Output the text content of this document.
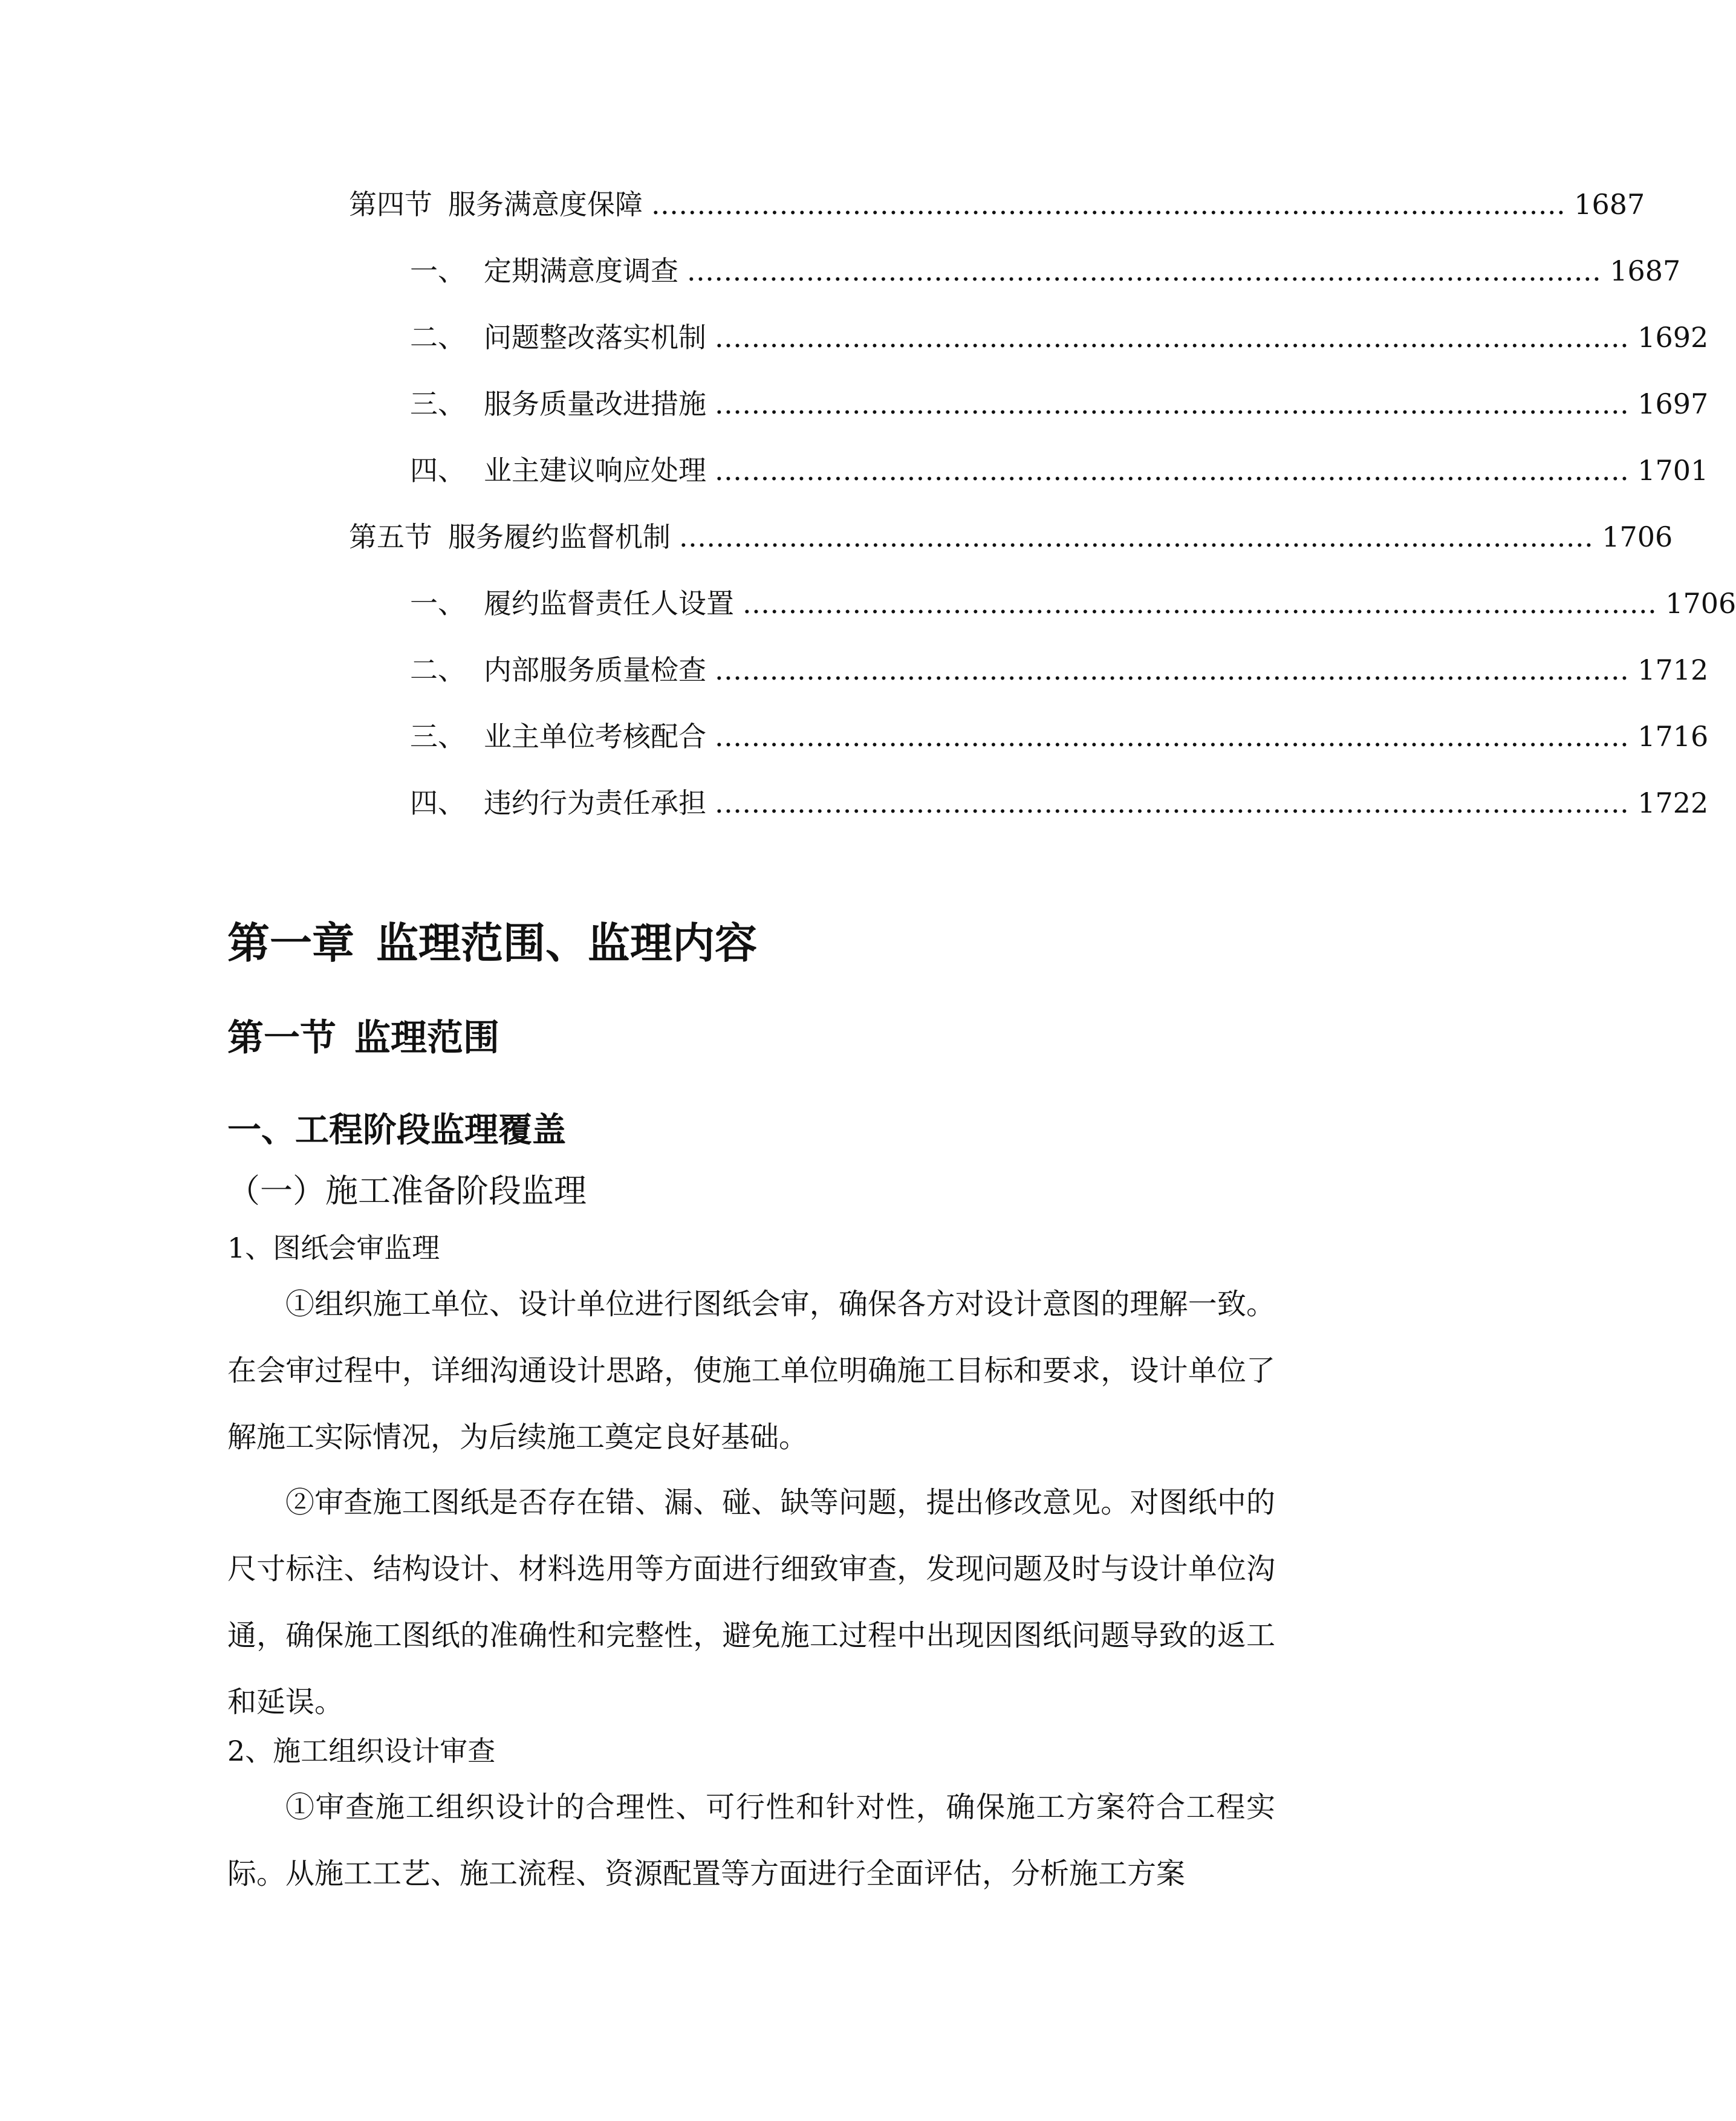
第四节 服务满意度保障 .................................................................................................... 1687
一、 定期满意度调查 .................................................................................................... 1687
二、 问题整改落实机制 .................................................................................................... 1692
三、 服务质量改进措施 .................................................................................................... 1697
四、 业主建议响应处理 .................................................................................................... 1701
第五节 服务履约监督机制 .................................................................................................... 1706
一、 履约监督责任人设置 .................................................................................................... 1706
二、 内部服务质量检查 .................................................................................................... 1712
三、 业主单位考核配合 .................................................................................................... 1716
四、 违约行为责任承担 .................................................................................................... 1722
第一章 监理范围、监理内容
第一节 监理范围
一、工程阶段监理覆盖
（一）施工准备阶段监理
1、图纸会审监理

①组织施工单位、设计单位进行图纸会审，确保各方对设计意图的理解一致。在会审过程中，详细沟通设计思路，使施工单位明确施工目标和要求，设计单位了解施工实际情况，为后续施工奠定良好基础。

②审查施工图纸是否存在错、漏、碰、缺等问题，提出修改意见。对图纸中的尺寸标注、结构设计、材料选用等方面进行细致审查，发现问题及时与设计单位沟通，确保施工图纸的准确性和完整性，避免施工过程中出现因图纸问题导致的返工和延误。

2、施工组织设计审查

①审查施工组织设计的合理性、可行性和针对性，确保施工方案符合工程实际。从施工工艺、施工流程、资源配置等方面进行全面评估，分析施工方案
